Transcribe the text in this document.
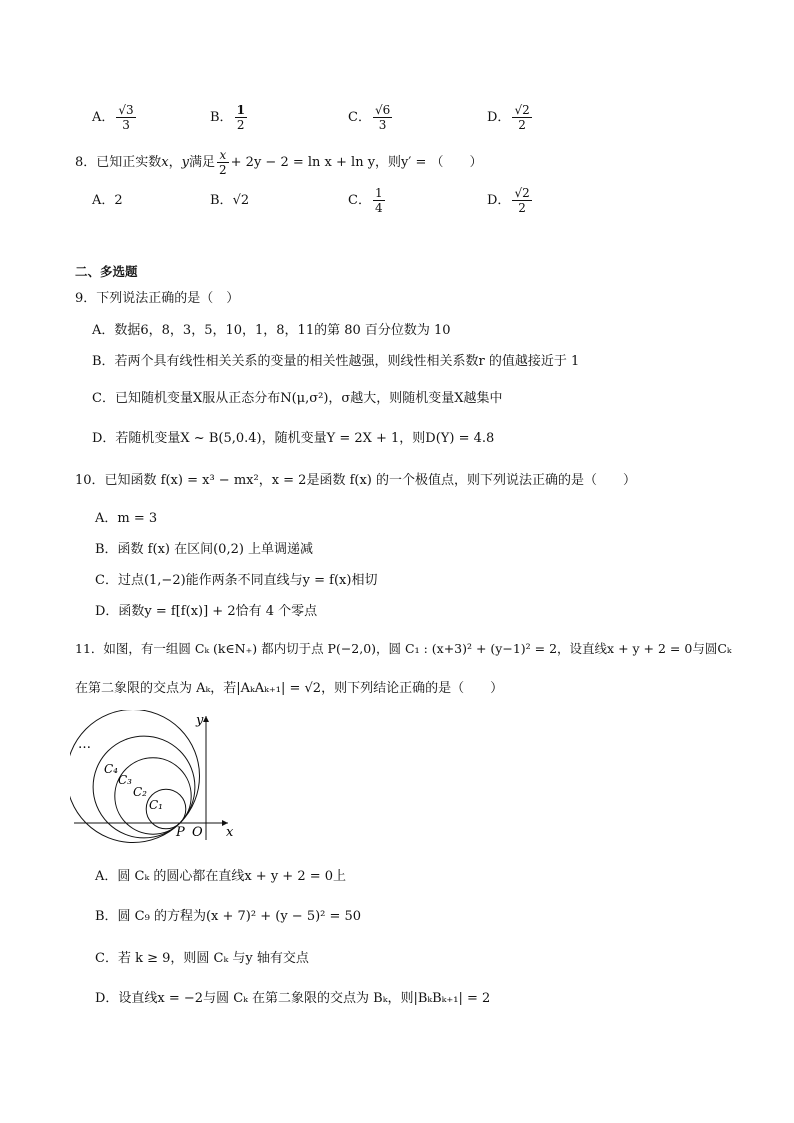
A． $\frac{√3}{3}$	B． $\frac{1}{2}$	C． $\frac{√6}{3}$	D． $\frac{√2}{2}$
8．已知正实数x，y满足 $\frac{x}{2} + 2y - 2 = \ln x + \ln y$，则y′ = （　　）
A．2	B．√2	C． $\frac{1}{4}$	D． $\frac{√2}{2}$
二、多选题
9．下列说法正确的是（　）
A．数据6，8，3，5，10，1，8，11的第 80 百分位数为 10
B．若两个具有线性相关关系的变量的相关性越强，则线性相关系数r 的值越接近于 1
C．已知随机变量X服从正态分布N(μ,σ²)，σ越大，则随机变量X越集中
D．若随机变量X ~ B(5,0.4)，随机变量Y = 2X + 1，则D(Y) = 4.8
10．已知函数 f(x) = x³ − mx²，x = 2是函数 f(x) 的一个极值点，则下列说法正确的是（　　）
A．m = 3
B．函数 f(x) 在区间(0,2) 上单调递减
C．过点(1,−2)能作两条不同直线与y = f(x)相切
D．函数y = f[f(x)] + 2恰有 4 个零点
11．如图，有一组圆 Cₖ (k∈N₊) 都内切于点 P(−2,0)，圆 C₁ : (x+3)² + (y−1)² = 2，设直线x + y + 2 = 0与圆Cₖ
在第二象限的交点为 Aₖ，若|AₖAₖ₊₁| = √2，则下列结论正确的是（　　）
…
C₄
C₃
C₂
C₁
y
x
P O
A．圆 Cₖ 的圆心都在直线x + y + 2 = 0上
B．圆 C₉ 的方程为(x + 7)² + (y − 5)² = 50
C．若 k ≥ 9，则圆 Cₖ 与y 轴有交点
D．设直线x = −2与圆 Cₖ 在第二象限的交点为 Bₖ，则|BₖBₖ₊₁| = 2
